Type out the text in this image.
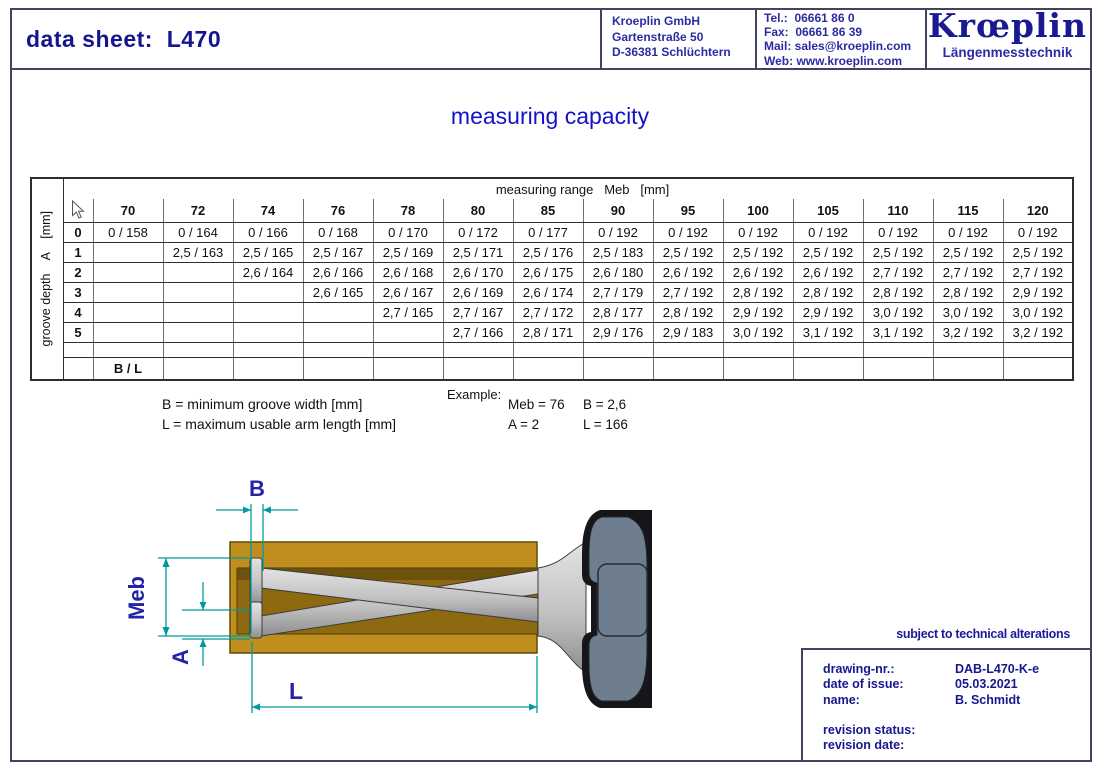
data sheet:  L470
Kroeplin GmbH
Gartenstraße 50
D-36381 Schlüchtern
Tel.:  06661 86 0
Fax:  06661 86 39
Mail: sales@kroeplin.com
Web: www.kroeplin.com
Krœplin
Längenmesstechnik
measuring capacity
groove depth    A    [mm]		measuring range   Meb   [mm]													
	70	72	74	76	78	80	85	90	95	100	105	110	115	120
	0	0 / 158	0 / 164	0 / 166	0 / 168	0 / 170	0 / 172	0 / 177	0 / 192	0 / 192	0 / 192	0 / 192	0 / 192	0 / 192	0 / 192
	1		2,5 / 163	2,5 / 165	2,5 / 167	2,5 / 169	2,5 / 171	2,5 / 176	2,5 / 183	2,5 / 192	2,5 / 192	2,5 / 192	2,5 / 192	2,5 / 192	2,5 / 192
	2			2,6 / 164	2,6 / 166	2,6 / 168	2,6 / 170	2,6 / 175	2,6 / 180	2,6 / 192	2,6 / 192	2,6 / 192	2,7 / 192	2,7 / 192	2,7 / 192
	3				2,6 / 165	2,6 / 167	2,6 / 169	2,6 / 174	2,7 / 179	2,7 / 192	2,8 / 192	2,8 / 192	2,8 / 192	2,8 / 192	2,9 / 192
	4					2,7 / 165	2,7 / 167	2,7 / 172	2,8 / 177	2,8 / 192	2,9 / 192	2,9 / 192	3,0 / 192	3,0 / 192	3,0 / 192
	5						2,7 / 166	2,8 / 171	2,9 / 176	2,9 / 183	3,0 / 192	3,1 / 192	3,1 / 192	3,2 / 192	3,2 / 192

		B / L													
B = minimum groove width [mm]
L = maximum usable arm length [mm]
Example:
Meb = 76
A = 2
B = 2,6
L = 166
B
Meb
A
L
subject to technical alterations
drawing-nr.:	DAB-L470-K-e
date of issue:	05.03.2021
name:	B. Schmidt
revision status:
revision date:
